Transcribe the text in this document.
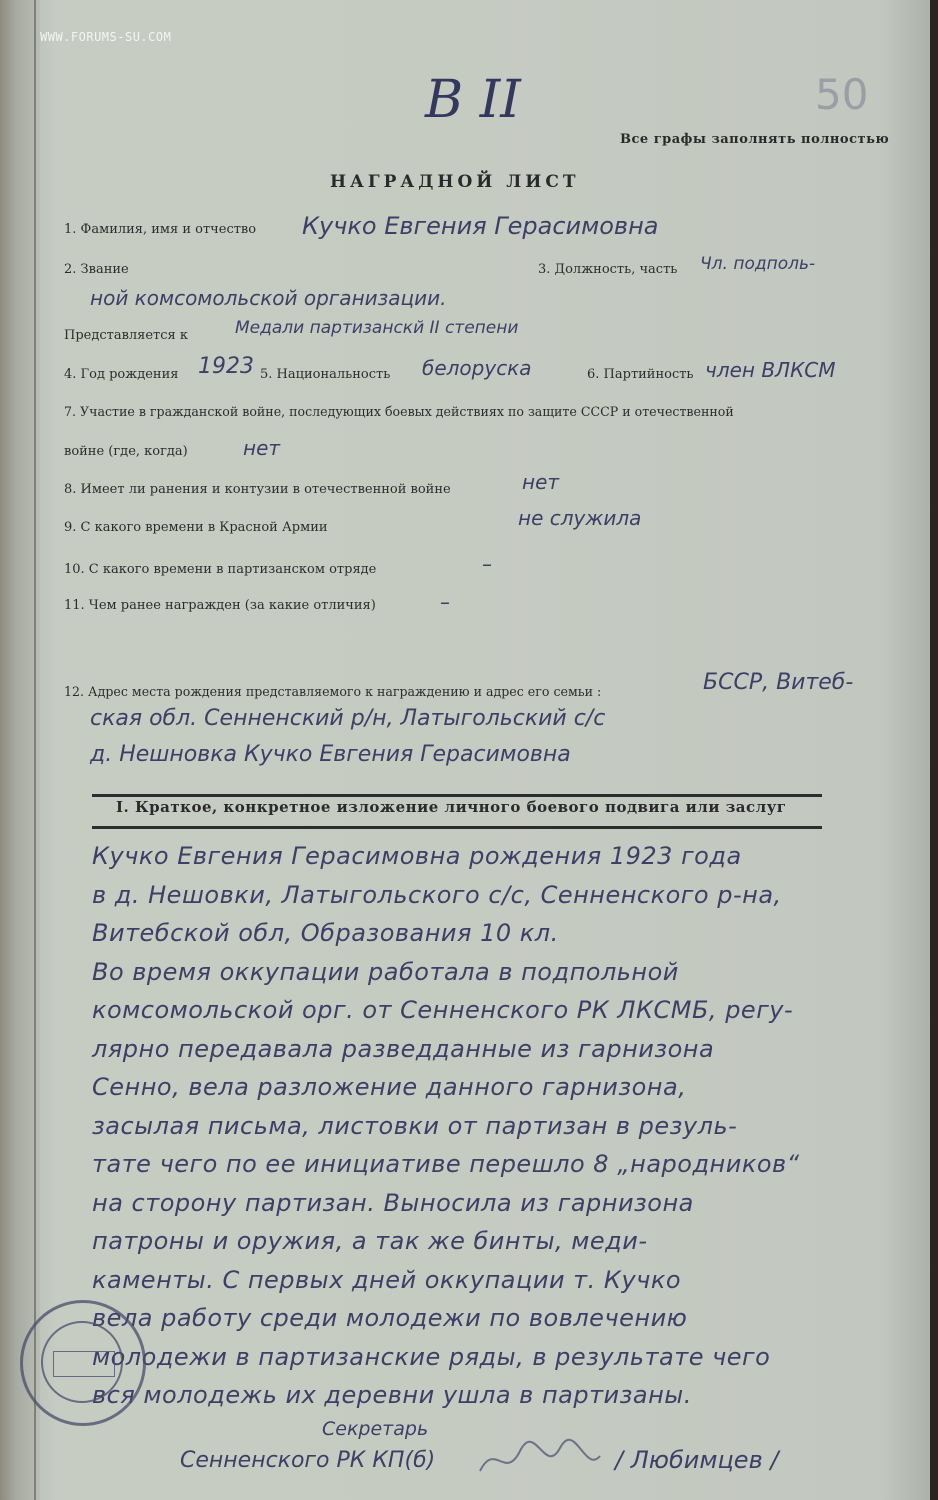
WWW.FORUMS-SU.COM
В II	50
Все графы заполнять полностью
НАГРАДНОЙ ЛИСТ
1. Фамилия, имя и отчество Кучко Евгения Герасимовна
2. Звание	3. Должность, часть Чл. подполь-
ной комсомольской организации.
Представляется к	Медали партизанскй II степени
4. Год рождения 1923 5. Национальность белоруска	6. Партийность член ВЛКСМ
7. Участие в гражданской войне, последующих боевых действиях по защите СССР и отечественной
войне (где, когда)	нет
8. Имеет ли ранения и контузии в отечественной войне	нет
9. С какого времени в Красной Армии	не служила
10. С какого времени в партизанском отряде	–
11. Чем ранее награжден (за какие отличия)	–
12. Адрес места рождения представляемого к награждению и адрес его семьи :	БССР, Витеб-
ская обл. Сенненский р/н, Латыгольский с/с
д. Нешновка Кучко Евгения Герасимовна
I. Краткое, конкретное изложение личного боевого подвига или заслуг
Кучко Евгения Герасимовна рождения 1923 года
в д. Нешовки, Латыгольского с/с, Сенненского р-на,
Витебской обл, Образования 10 кл.
Во время оккупации работала в подпольной
комсомольской орг. от Сенненского РК ЛКСМБ, регу-
лярно передавала разведданные из гарнизона
Сенно, вела разложение данного гарнизона,
засылая письма, листовки от партизан в резуль-
тате чего по ее инициативе перешло 8 „народников“
на сторону партизан. Выносила из гарнизона
патроны и оружия, а так же бинты, меди-
каменты. С первых дней оккупации т. Кучко
вела работу среди молодежи по вовлечению
молодежи в партизанские ряды, в результате чего
вся молодежь их деревни ушла в партизаны.
Секретарь
Сенненского РК КП(б)	/ Любимцев /
